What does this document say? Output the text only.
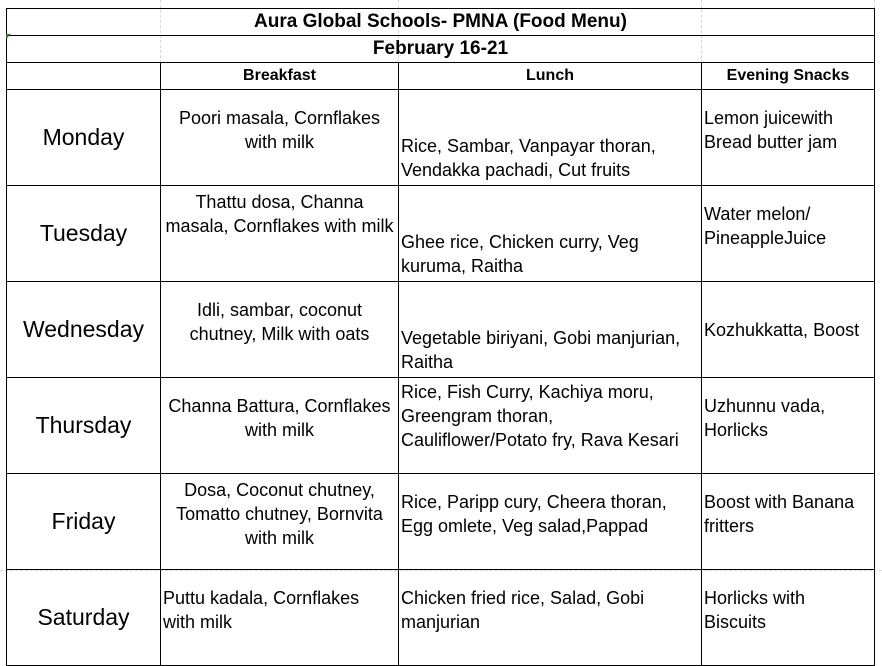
Aura Global Schools- PMNA (Food Menu)			
February 16-21			
	Breakfast	Lunch	Evening Snacks
Monday	Poori masala, Cornflakes with milk	Rice, Sambar, Vanpayar thoran, Vendakka pachadi, Cut fruits	Lemon juicewith Bread butter jam
Tuesday	Thattu dosa, Channa masala, Cornflakes with milk	Ghee rice, Chicken curry, Veg kuruma, Raitha	Water melon/ PineappleJuice
Wednesday	Idli, sambar, coconut chutney, Milk with oats	Vegetable biriyani, Gobi manjurian, Raitha	Kozhukkatta, Boost
Thursday	Channa Battura, Cornflakes with milk	Rice, Fish Curry, Kachiya moru, Greengram thoran, Cauliflower/Potato fry, Rava Kesari	Uzhunnu vada, Horlicks
Friday	Dosa, Coconut chutney, Tomatto chutney, Bornvita with milk	Rice, Paripp cury, Cheera thoran, Egg omlete, Veg salad,Pappad	Boost with Banana fritters
Saturday	Puttu kadala, Cornflakes with milk	Chicken fried rice, Salad, Gobi manjurian	Horlicks with Biscuits
